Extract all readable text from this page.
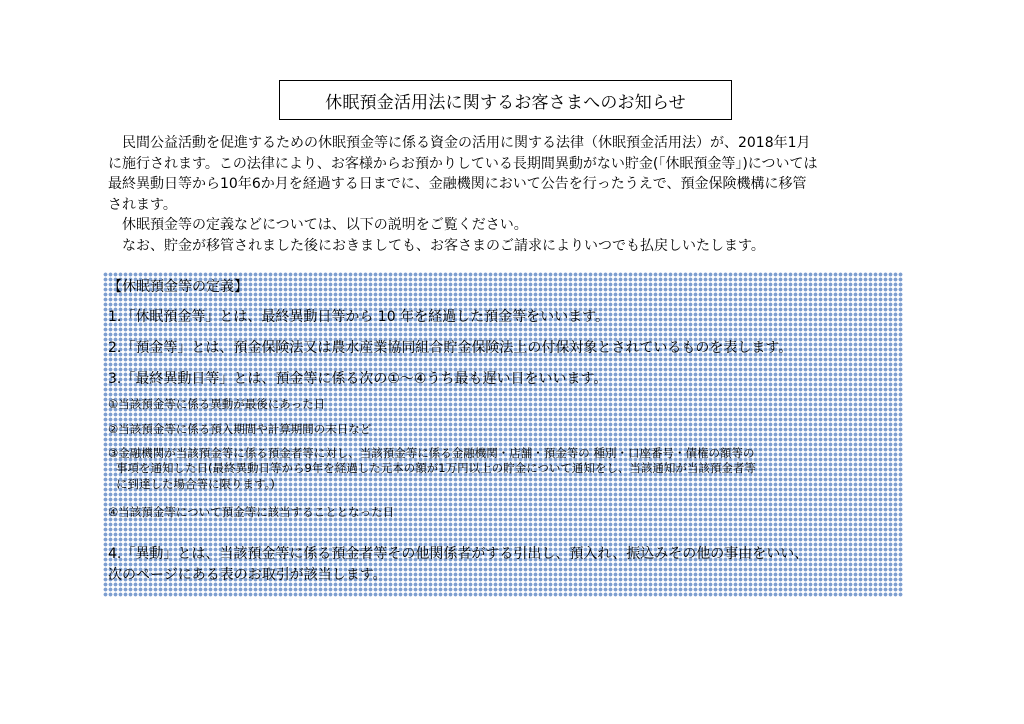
休眠預金活用法に関するお客さまへのお知らせ
　民間公益活動を促進するための休眠預金等に係る資金の活用に関する法律（休眠預金活用法）が、2018年1月
に施行されます。この法律により、お客様からお預かりしている長期間異動がない貯金(「休眠預金等」)については
最終異動日等から10年6か月を経過する日までに、金融機関において公告を行ったうえで、預金保険機構に移管
されます。
　休眠預金等の定義などについては、以下の説明をご覧ください。
　なお、貯金が移管されました後におきましても、お客さまのご請求によりいつでも払戻しいたします。
【休眠預金等の定義】
1.「休眠預金等」とは、最終異動日等から 10 年を経過した預金等をいいます。
2.「預金等」とは、預金保険法又は農水産業協同組合貯金保険法上の付保対象とされているものを表します。
3.「最終異動日等」とは、預金等に係る次の①～④うち最も遅い日をいいます。
①当該預金等に係る異動が最後にあった日
②当該預金等に係る預入期間や計算期間の末日など
③金融機関が当該預金等に係る預金者等に対し、当該預金等に係る金融機関・店舗・預金等の 種別・口座番号・債権の額等の
事項を通知した日(最終異動日等から9年を経過した元本の額が1万円以上の貯金について通知をし、当該通知が当該預金者等
に到達した場合等に限ります。)
④当該預金等について預金等に該当することとなった日
4.「異動」とは、当該預金等に係る預金者等その他関係者がする引出し、預入れ、振込みその他の事由をいい、
次のページにある表のお取引が該当します。
